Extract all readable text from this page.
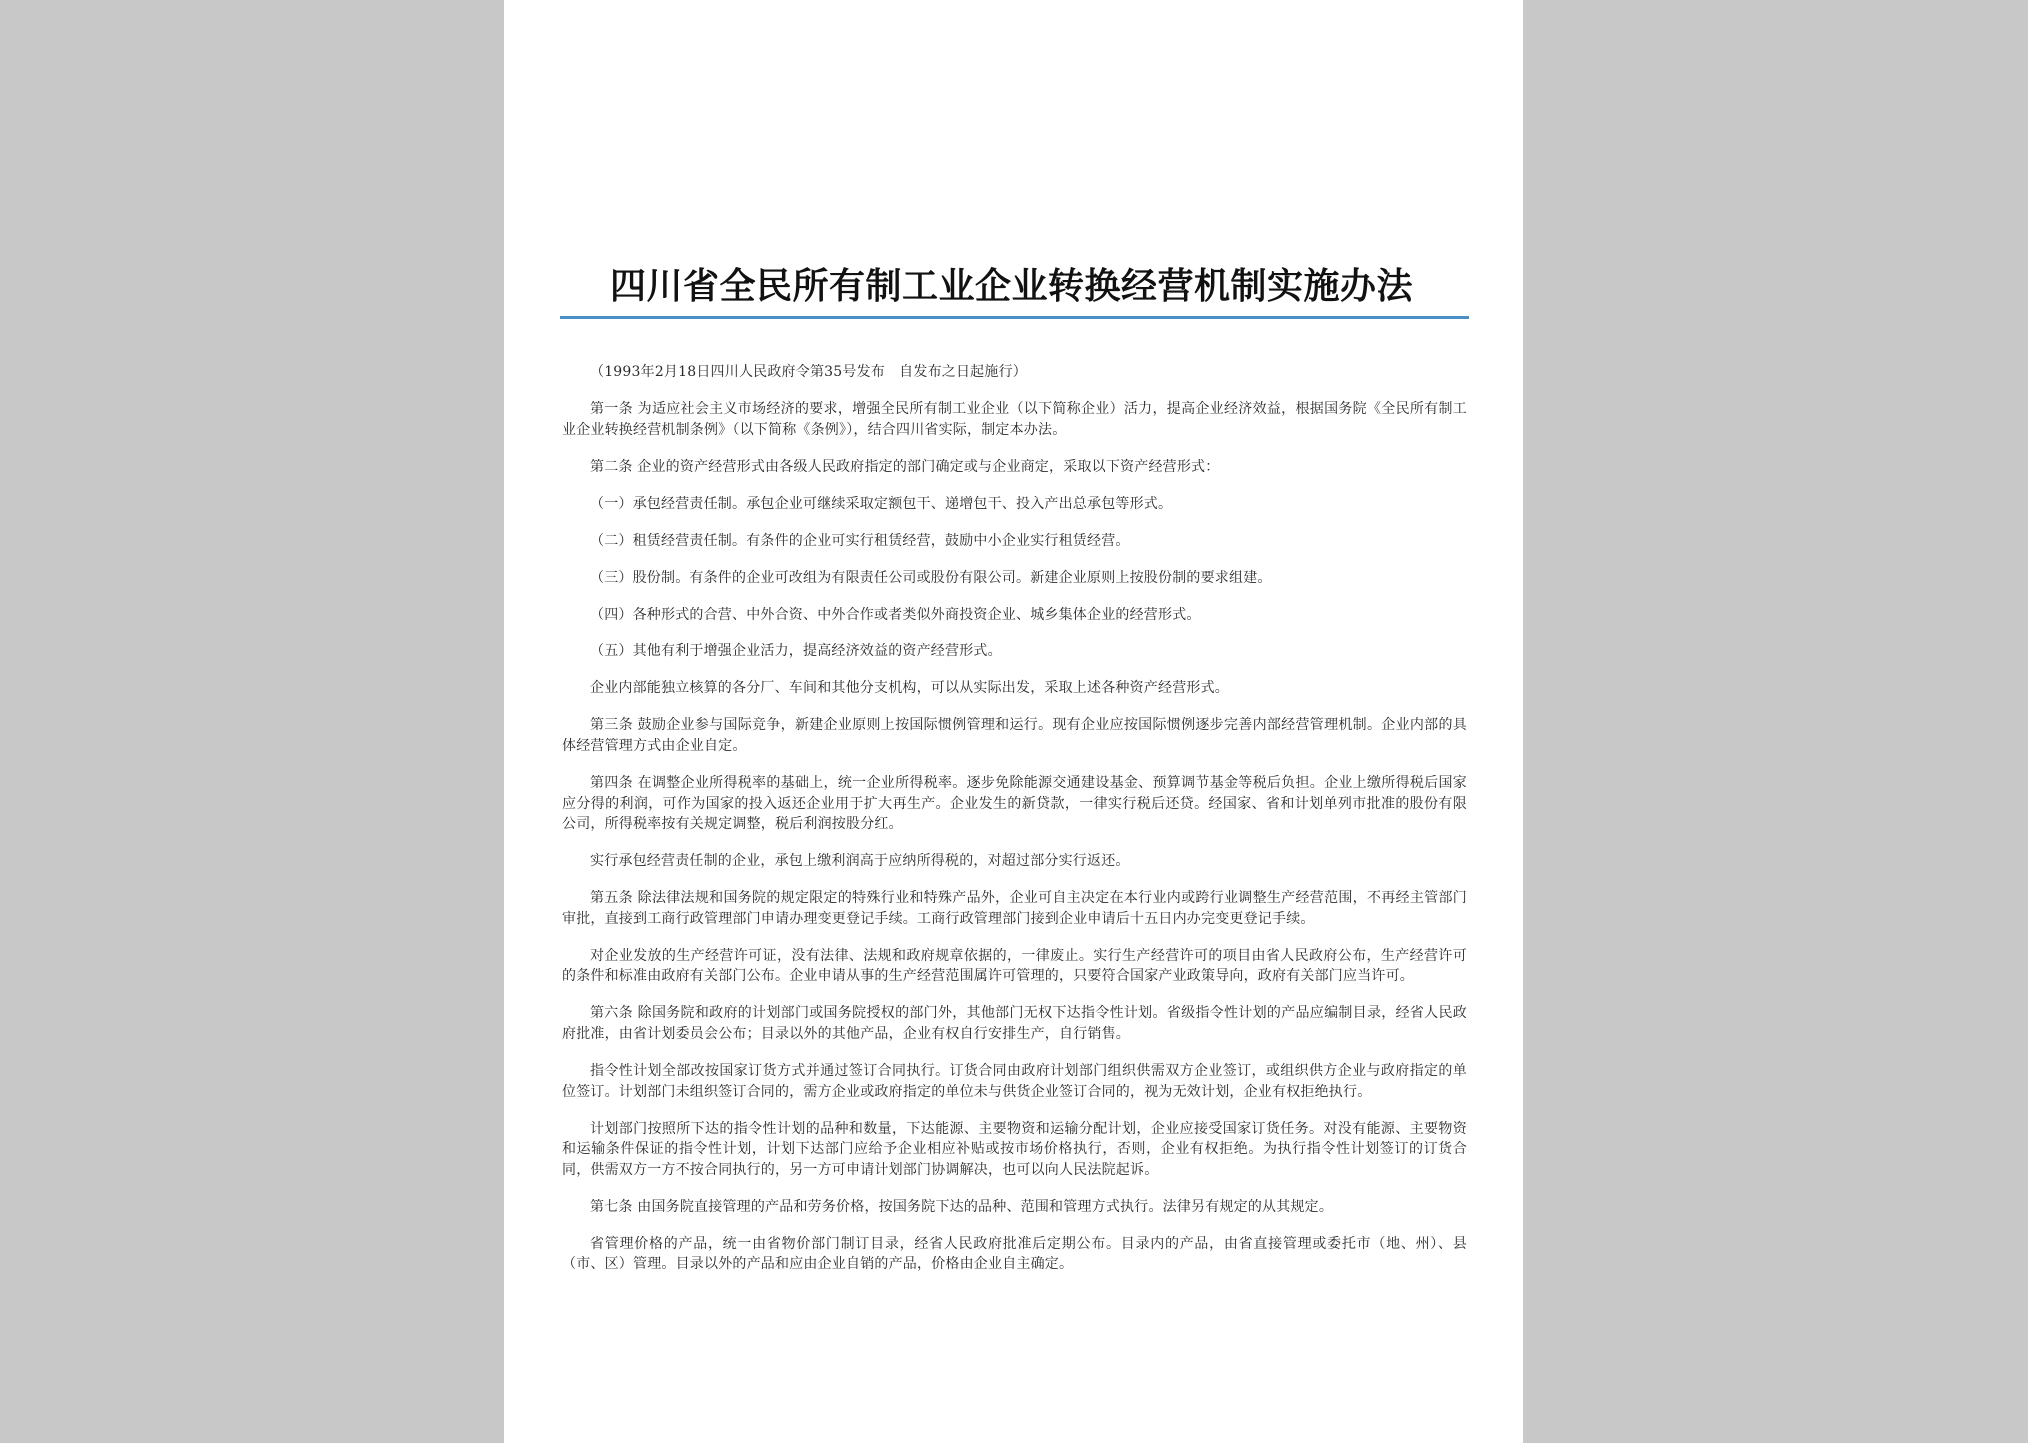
四川省全民所有制工业企业转换经营机制实施办法

（1993年2月18日四川人民政府令第35号发布　自发布之日起施行）

第一条 为适应社会主义市场经济的要求，增强全民所有制工业企业（以下简称企业）活力，提高企业经济效益，根据国务院《全民所有制工业企业转换经营机制条例》（以下简称《条例》），结合四川省实际，制定本办法。

第二条 企业的资产经营形式由各级人民政府指定的部门确定或与企业商定，采取以下资产经营形式：

（一）承包经营责任制。承包企业可继续采取定额包干、递增包干、投入产出总承包等形式。

（二）租赁经营责任制。有条件的企业可实行租赁经营，鼓励中小企业实行租赁经营。

（三）股份制。有条件的企业可改组为有限责任公司或股份有限公司。新建企业原则上按股份制的要求组建。

（四）各种形式的合营、中外合资、中外合作或者类似外商投资企业、城乡集体企业的经营形式。

（五）其他有利于增强企业活力，提高经济效益的资产经营形式。

企业内部能独立核算的各分厂、车间和其他分支机构，可以从实际出发，采取上述各种资产经营形式。

第三条 鼓励企业参与国际竞争，新建企业原则上按国际惯例管理和运行。现有企业应按国际惯例逐步完善内部经营管理机制。企业内部的具体经营管理方式由企业自定。

第四条 在调整企业所得税率的基础上，统一企业所得税率。逐步免除能源交通建设基金、预算调节基金等税后负担。企业上缴所得税后国家应分得的利润，可作为国家的投入返还企业用于扩大再生产。企业发生的新贷款，一律实行税后还贷。经国家、省和计划单列市批准的股份有限公司，所得税率按有关规定调整，税后利润按股分红。

实行承包经营责任制的企业，承包上缴利润高于应纳所得税的，对超过部分实行返还。

第五条 除法律法规和国务院的规定限定的特殊行业和特殊产品外，企业可自主决定在本行业内或跨行业调整生产经营范围，不再经主管部门审批，直接到工商行政管理部门申请办理变更登记手续。工商行政管理部门接到企业申请后十五日内办完变更登记手续。

对企业发放的生产经营许可证，没有法律、法规和政府规章依据的，一律废止。实行生产经营许可的项目由省人民政府公布，生产经营许可的条件和标准由政府有关部门公布。企业申请从事的生产经营范围属许可管理的，只要符合国家产业政策导向，政府有关部门应当许可。

第六条 除国务院和政府的计划部门或国务院授权的部门外，其他部门无权下达指令性计划。省级指令性计划的产品应编制目录，经省人民政府批准，由省计划委员会公布；目录以外的其他产品，企业有权自行安排生产，自行销售。

指令性计划全部改按国家订货方式并通过签订合同执行。订货合同由政府计划部门组织供需双方企业签订，或组织供方企业与政府指定的单位签订。计划部门未组织签订合同的，需方企业或政府指定的单位未与供货企业签订合同的，视为无效计划，企业有权拒绝执行。

计划部门按照所下达的指令性计划的品种和数量，下达能源、主要物资和运输分配计划，企业应接受国家订货任务。对没有能源、主要物资和运输条件保证的指令性计划，计划下达部门应给予企业相应补贴或按市场价格执行，否则，企业有权拒绝。为执行指令性计划签订的订货合同，供需双方一方不按合同执行的，另一方可申请计划部门协调解决，也可以向人民法院起诉。

第七条 由国务院直接管理的产品和劳务价格，按国务院下达的品种、范围和管理方式执行。法律另有规定的从其规定。

省管理价格的产品，统一由省物价部门制订目录，经省人民政府批准后定期公布。目录内的产品，由省直接管理或委托市（地、州）、县（市、区）管理。目录以外的产品和应由企业自销的产品，价格由企业自主确定。
